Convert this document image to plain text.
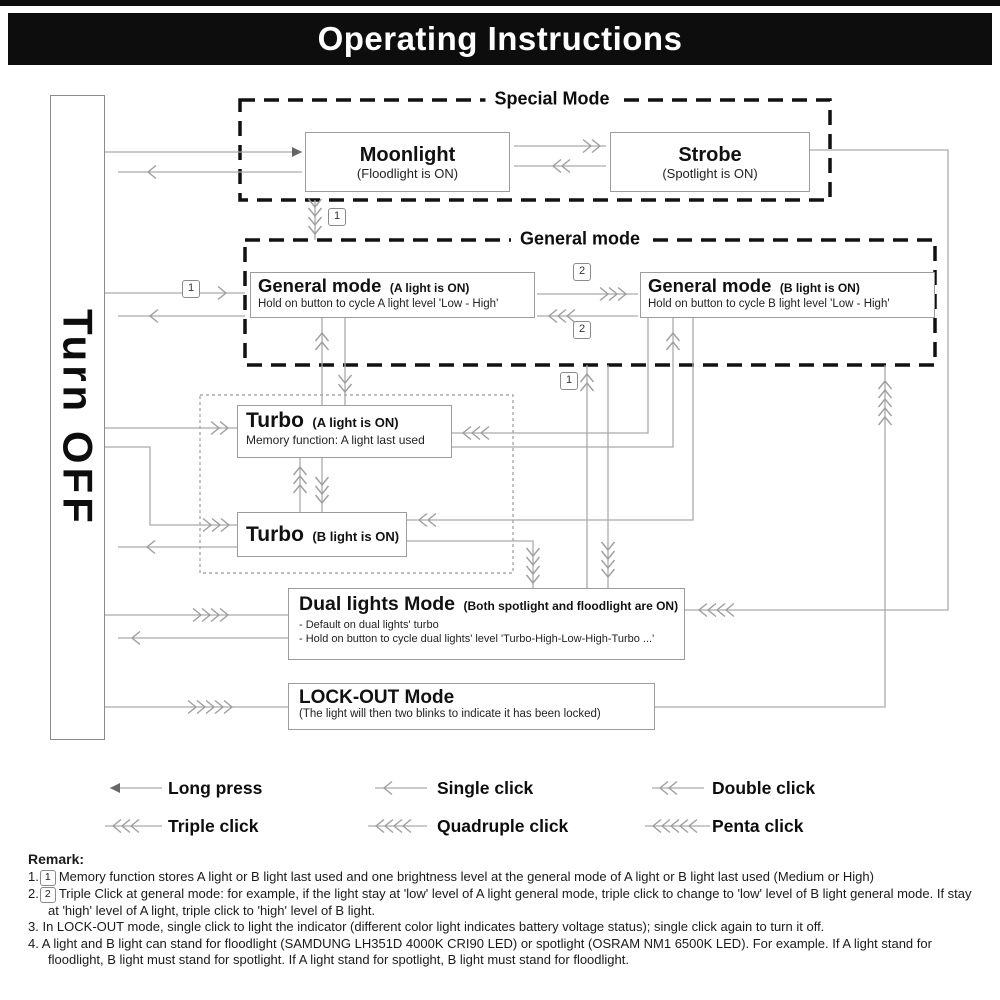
Operating Instructions
Turn OFF
Special Mode
General mode
Moonlight
(Floodlight is ON)
Strobe
(Spotlight is ON)
General mode (A light is ON)
Hold on button to cycle A light level 'Low - High'
General mode (B light is ON)
Hold on button to cycle B light level 'Low - High'
Turbo (A light is ON)
Memory function: A light last used
Turbo (B light is ON)
Dual lights Mode (Both spotlight and floodlight are ON)
- Default on dual lights' turbo
- Hold on button to cycle dual lights' level 'Turbo-High-Low-High-Turbo ...'
LOCK-OUT Mode
(The light will then two blinks to indicate it has been locked)
1
1
2
2
1
Long press	Single click	Double click
Triple click	Quadruple click	Penta click
Remark:
1. 1 Memory function stores A light or B light last used and one brightness level at the general mode of A light or B light last used (Medium or High)
2. 2 Triple Click at general mode: for example, if the light stay at 'low' level of A light general mode, triple click to change to 'low' level of B light general mode. If stay at 'high' level of A light, triple click to 'high' level of B light.
3. In LOCK-OUT mode, single click to light the indicator (different color light indicates battery voltage status); single click again to turn it off.
4. A light and B light can stand for floodlight (SAMDUNG LH351D 4000K CRI90 LED) or spotlight (OSRAM NM1 6500K LED). For example. If A light stand for floodlight, B light must stand for spotlight. If A light stand for spotlight, B light must stand for floodlight.
